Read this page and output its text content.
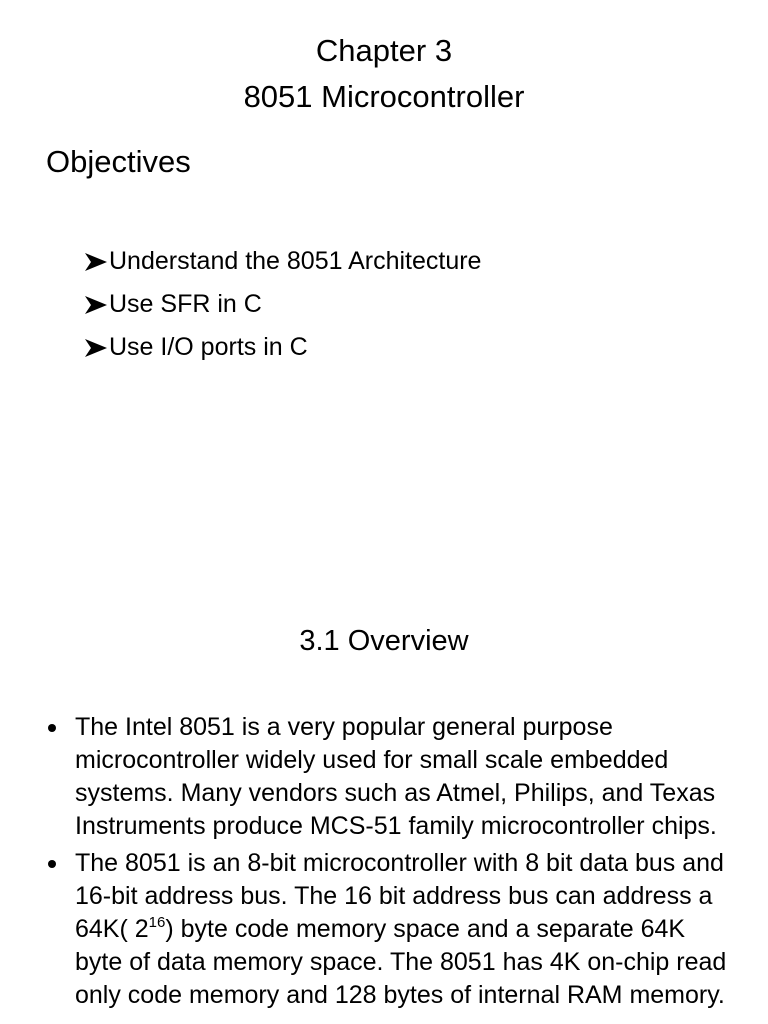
Chapter 3
8051 Microcontroller
Objectives
Understand the 8051 Architecture
Use SFR in C
Use I/O ports in C
3.1 Overview
The Intel 8051 is a very popular general purpose microcontroller widely used for small scale embedded systems. Many vendors such as Atmel, Philips, and Texas Instruments produce MCS-51 family microcontroller chips.
The 8051 is an 8-bit microcontroller with 8 bit data bus and 16-bit address bus. The 16 bit address bus can address a 64K( $2^{16}$) byte code memory space and a separate 64K byte of data memory space. The 8051 has 4K on-chip read only code memory and 128 bytes of internal RAM memory.
